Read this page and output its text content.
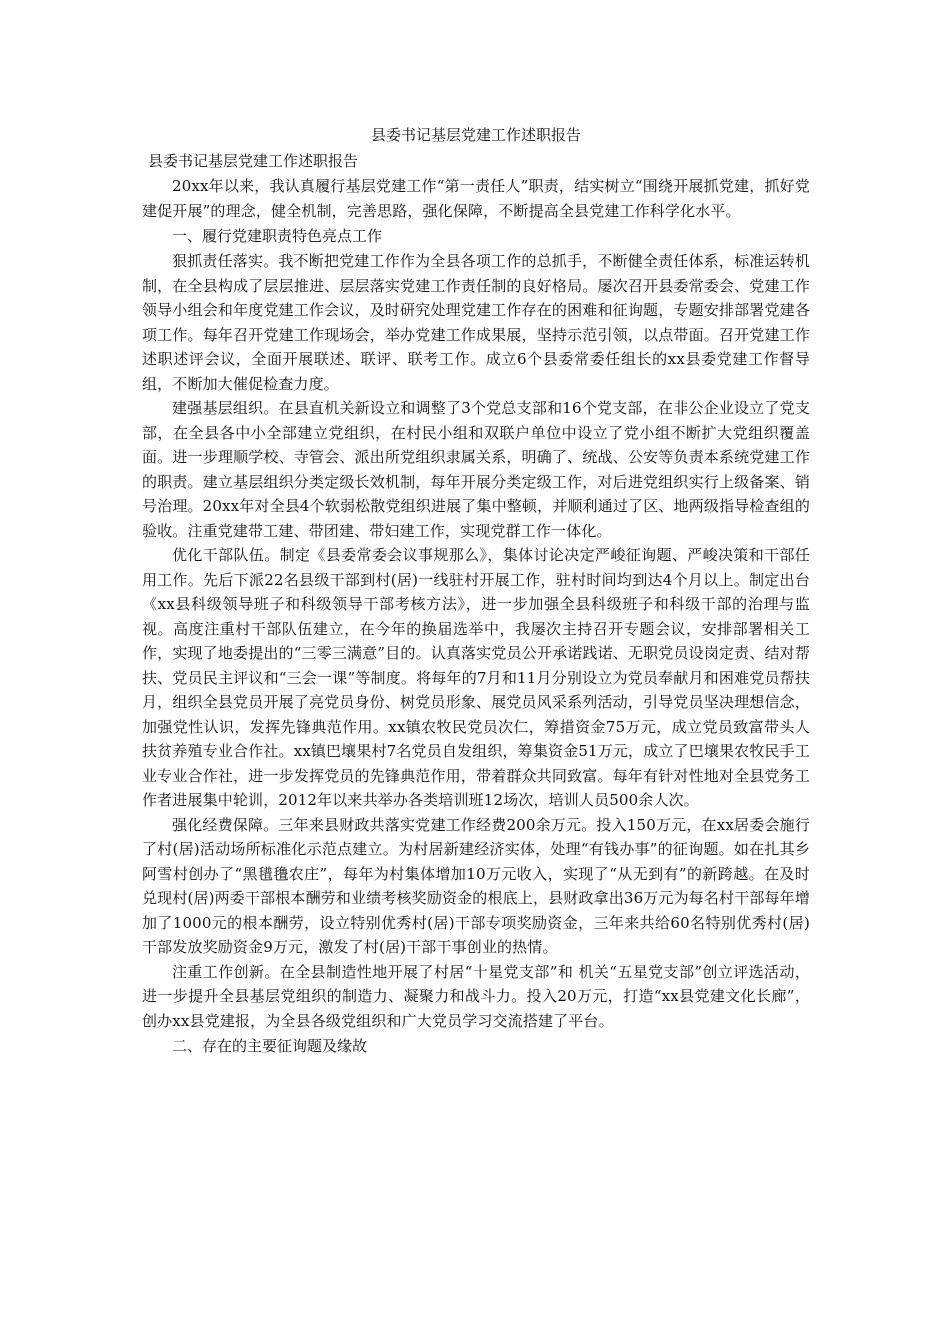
县委书记基层党建工作述职报告
县委书记基层党建工作述职报告

20xx年以来，我认真履行基层党建工作“第一责任人”职责，结实树立“围绕开展抓党建，抓好党建促开展”的理念，健全机制，完善思路，强化保障，不断提高全县党建工作科学化水平。

一、履行党建职责特色亮点工作

狠抓责任落实。我不断把党建工作作为全县各项工作的总抓手，不断健全责任体系，标准运转机制，在全县构成了层层推进、层层落实党建工作责任制的良好格局。屡次召开县委常委会、党建工作领导小组会和年度党建工作会议，及时研究处理党建工作存在的困难和征询题，专题安排部署党建各项工作。每年召开党建工作现场会，举办党建工作成果展，坚持示范引领，以点带面。召开党建工作述职述评会议，全面开展联述、联评、联考工作。成立6个县委常委任组长的xx县委党建工作督导组，不断加大催促检查力度。

建强基层组织。在县直机关新设立和调整了3个党总支部和16个党支部，在非公企业设立了党支部，在全县各中小全部建立党组织，在村民小组和双联户单位中设立了党小组不断扩大党组织覆盖面。进一步理顺学校、寺管会、派出所党组织隶属关系，明确了、统战、公安等负责本系统党建工作的职责。建立基层组织分类定级长效机制，每年开展分类定级工作，对后进党组织实行上级备案、销号治理。20xx年对全县4个软弱松散党组织进展了集中整顿，并顺利通过了区、地两级指导检查组的验收。注重党建带工建、带团建、带妇建工作，实现党群工作一体化。

优化干部队伍。制定《县委常委会议事规那么》，集体讨论决定严峻征询题、严峻决策和干部任 用工作。先后下派22名县级干部到村(居)一线驻村开展工作，驻村时间均到达4个月以上。制定出台《xx县科级领导班子和科级领导干部考核方法》，进一步加强全县科级班子和科级干部的治理与监视。高度注重村干部队伍建立，在今年的换届选举中，我屡次主持召开专题会议，安排部署相关工作，实现了地委提出的“三零三满意”目的。认真落实党员公开承诺践诺、无职党员设岗定责、结对帮扶、党员民主评议和“三会一课”等制度。将每年的7月和11月分别设立为党员奉献月和困难党员帮扶月，组织全县党员开展了亮党员身份、树党员形象、展党员风采系列活动，引导党员坚决理想信念，加强党性认识，发挥先锋典范作用。xx镇农牧民党员次仁，筹措资金75万元，成立党员致富带头人扶贫养殖专业合作社。xx镇巴壤果村7名党员自发组织，筹集资金51万元，成立了巴壤果农牧民手工业专业合作社，进一步发挥党员的先锋典范作用，带着群众共同致富。每年有针对性地对全县党务工作者进展集中轮训，2012年以来共举办各类培训班12场次，培训人员500余人次。

强化经费保障。三年来县财政共落实党建工作经费200余万元。投入150万元，在xx居委会施行了村(居)活动场所标准化示范点建立。为村居新建经济实体，处理“有钱办事”的征询题。如在扎其乡阿雪村创办了“黑氆氇农庄”，每年为村集体增加10万元收入，实现了“从无到有”的新跨越。在及时兑现村(居)两委干部根本酬劳和业绩考核奖励资金的根底上，县财政拿出36万元为每名村干部每年增加了1000元的根本酬劳，设立特别优秀村(居)干部专项奖励资金，三年来共给60名特别优秀村(居)干部发放奖励资金9万元，激发了村(居)干部干事创业的热情。

注重工作创新。在全县制造性地开展了村居“十星党支部”和 机关“五星党支部”创立评选活动，进一步提升全县基层党组织的制造力、凝聚力和战斗力。投入20万元，打造“xx县党建文化长廊”， 创办xx县党建报，为全县各级党组织和广大党员学习交流搭建了平台。

二、存在的主要征询题及缘故
